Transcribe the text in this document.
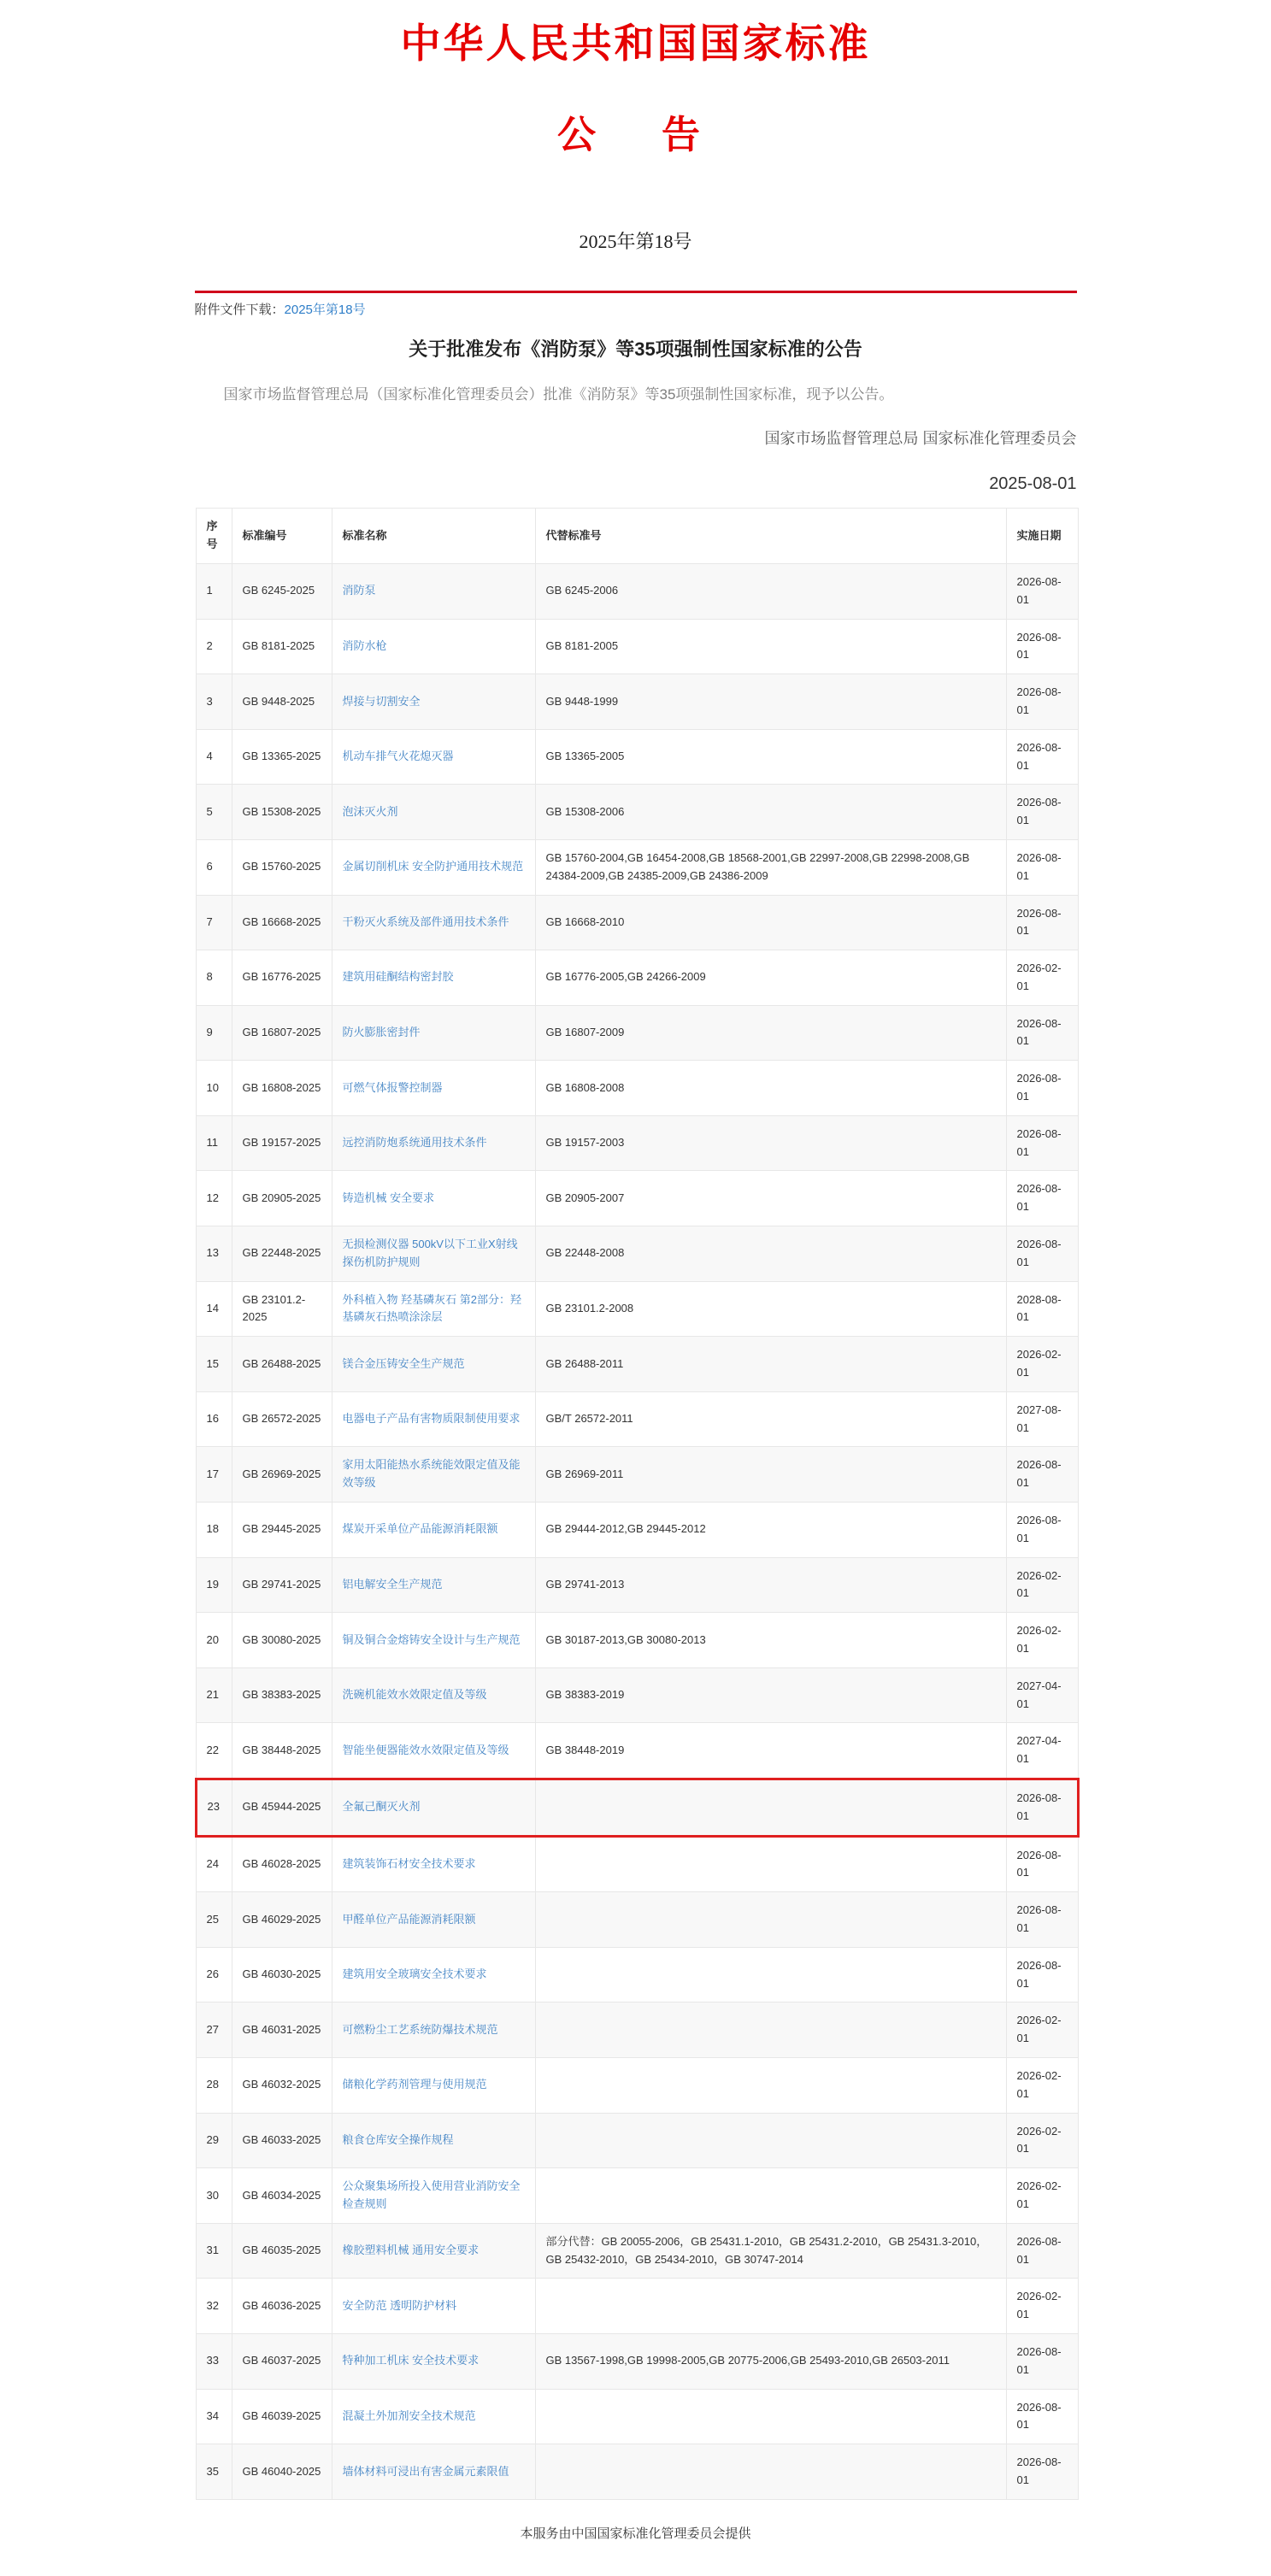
中华人民共和国国家标准
公　告
2025年第18号
附件文件下载：2025年第18号
关于批准发布《消防泵》等35项强制性国家标准的公告

国家市场监督管理总局（国家标准化管理委员会）批准《消防泵》等35项强制性国家标准，现予以公告。

国家市场监督管理总局 国家标准化管理委员会
2025-08-01
序号	标准编号	标准名称	代替标准号	实施日期
1	GB 6245-2025	消防泵	GB 6245-2006	2026-08-01
2	GB 8181-2025	消防水枪	GB 8181-2005	2026-08-01
3	GB 9448-2025	焊接与切割安全	GB 9448-1999	2026-08-01
4	GB 13365-2025	机动车排气火花熄灭器	GB 13365-2005	2026-08-01
5	GB 15308-2025	泡沫灭火剂	GB 15308-2006	2026-08-01
6	GB 15760-2025	金属切削机床 安全防护通用技术规范	GB 15760-2004,GB 16454-2008,GB 18568-2001,GB 22997-2008,GB 22998-2008,GB 24384-2009,GB 24385-2009,GB 24386-2009	2026-08-01
7	GB 16668-2025	干粉灭火系统及部件通用技术条件	GB 16668-2010	2026-08-01
8	GB 16776-2025	建筑用硅酮结构密封胶	GB 16776-2005,GB 24266-2009	2026-02-01
9	GB 16807-2025	防火膨胀密封件	GB 16807-2009	2026-08-01
10	GB 16808-2025	可燃气体报警控制器	GB 16808-2008	2026-08-01
11	GB 19157-2025	远控消防炮系统通用技术条件	GB 19157-2003	2026-08-01
12	GB 20905-2025	铸造机械 安全要求	GB 20905-2007	2026-08-01
13	GB 22448-2025	无损检测仪器 500kV以下工业X射线探伤机防护规则	GB 22448-2008	2026-08-01
14	GB 23101.2-2025	外科植入物 羟基磷灰石 第2部分：羟基磷灰石热喷涂涂层	GB 23101.2-2008	2028-08-01
15	GB 26488-2025	镁合金压铸安全生产规范	GB 26488-2011	2026-02-01
16	GB 26572-2025	电器电子产品有害物质限制使用要求	GB/T 26572-2011	2027-08-01
17	GB 26969-2025	家用太阳能热水系统能效限定值及能效等级	GB 26969-2011	2026-08-01
18	GB 29445-2025	煤炭开采单位产品能源消耗限额	GB 29444-2012,GB 29445-2012	2026-08-01
19	GB 29741-2025	铝电解安全生产规范	GB 29741-2013	2026-02-01
20	GB 30080-2025	铜及铜合金熔铸安全设计与生产规范	GB 30187-2013,GB 30080-2013	2026-02-01
21	GB 38383-2025	洗碗机能效水效限定值及等级	GB 38383-2019	2027-04-01
22	GB 38448-2025	智能坐便器能效水效限定值及等级	GB 38448-2019	2027-04-01
23	GB 45944-2025	全氟己酮灭火剂		2026-08-01
24	GB 46028-2025	建筑装饰石材安全技术要求		2026-08-01
25	GB 46029-2025	甲醛单位产品能源消耗限额		2026-08-01
26	GB 46030-2025	建筑用安全玻璃安全技术要求		2026-08-01
27	GB 46031-2025	可燃粉尘工艺系统防爆技术规范		2026-02-01
28	GB 46032-2025	储粮化学药剂管理与使用规范		2026-02-01
29	GB 46033-2025	粮食仓库安全操作规程		2026-02-01
30	GB 46034-2025	公众聚集场所投入使用营业消防安全检查规则		2026-02-01
31	GB 46035-2025	橡胶塑料机械 通用安全要求	部分代替：GB 20055-2006，GB 25431.1-2010，GB 25431.2-2010，GB 25431.3-2010，GB 25432-2010，GB 25434-2010，GB 30747-2014	2026-08-01
32	GB 46036-2025	安全防范 透明防护材料		2026-02-01
33	GB 46037-2025	特种加工机床 安全技术要求	GB 13567-1998,GB 19998-2005,GB 20775-2006,GB 25493-2010,GB 26503-2011	2026-08-01
34	GB 46039-2025	混凝土外加剂安全技术规范		2026-08-01
35	GB 46040-2025	墙体材料可浸出有害金属元素限值		2026-08-01
本服务由中国国家标准化管理委员会提供
